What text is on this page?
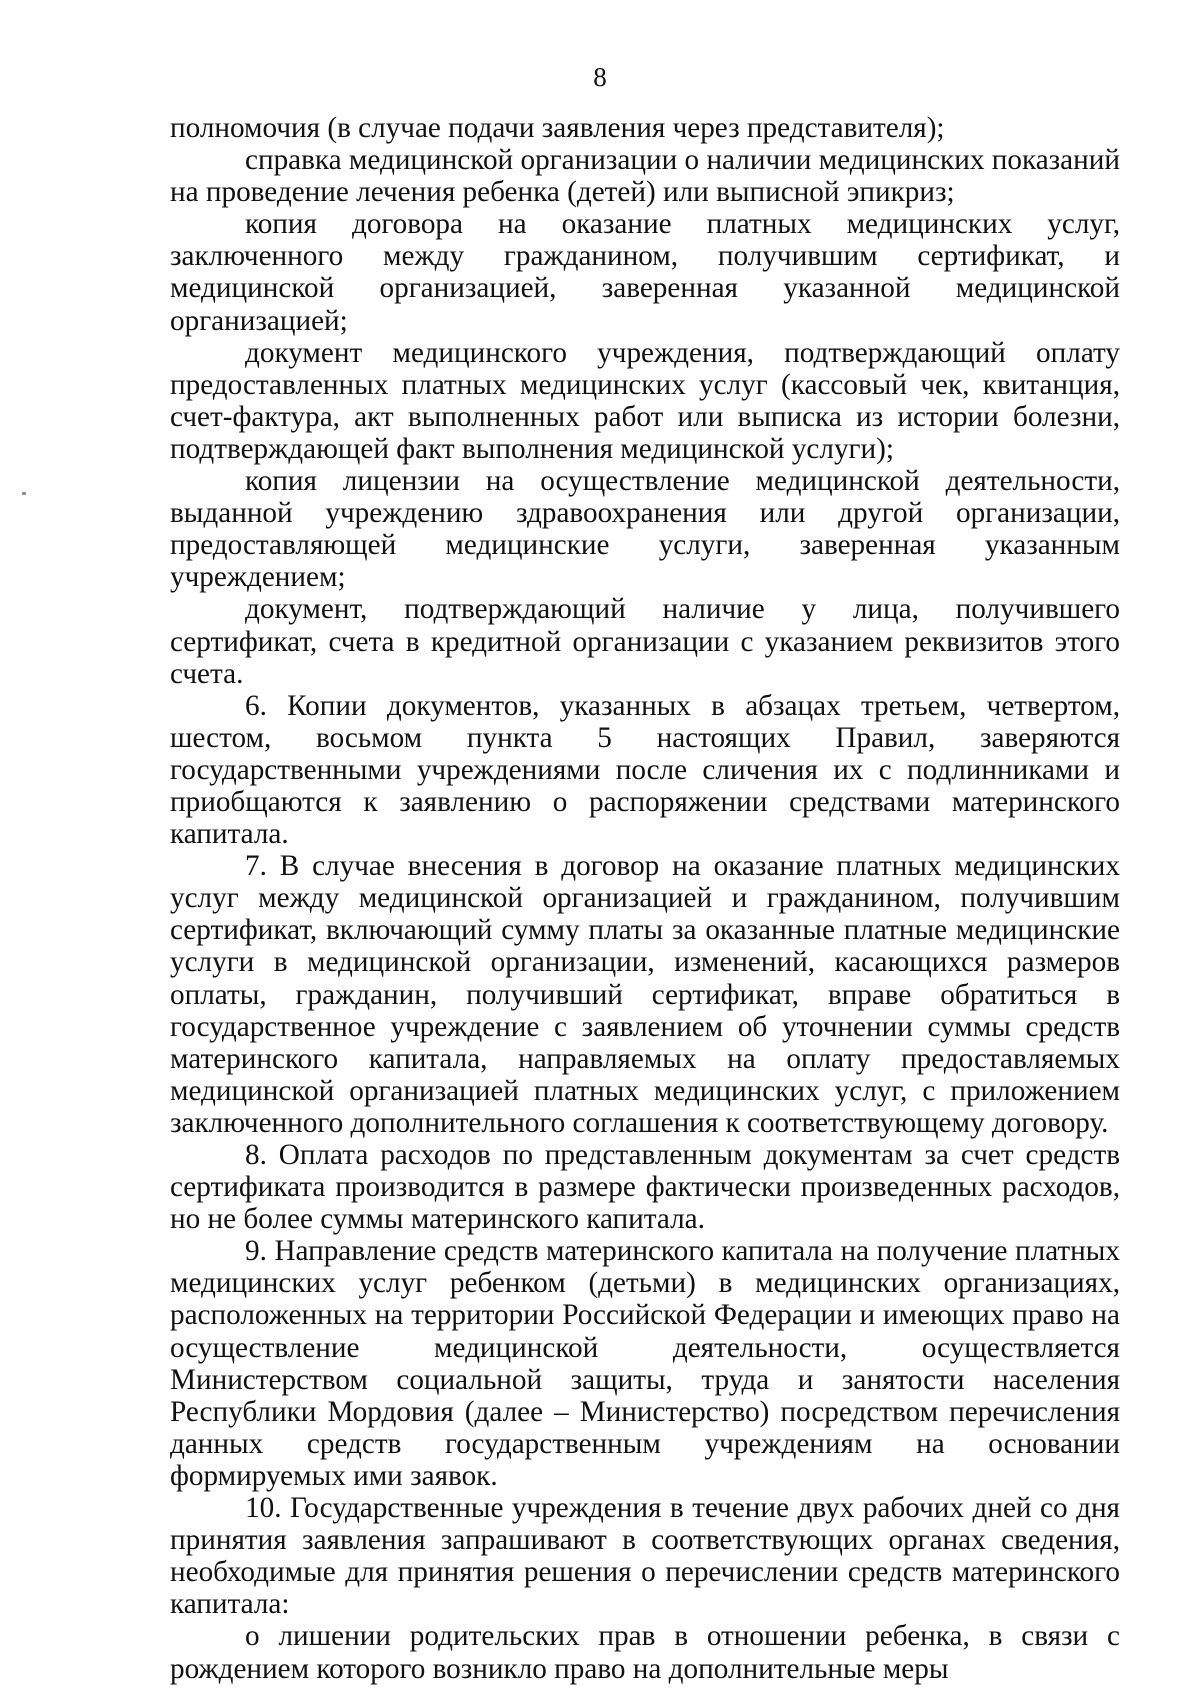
8

полномочия (в случае подачи заявления через представителя);

справка медицинской организации о наличии медицинских показаний на проведение лечения ребенка (детей) или выписной эпикриз;

копия договора на оказание платных медицинских услуг, заключенного между гражданином, получившим сертификат, и медицинской организацией, заверенная указанной медицинской организацией;

документ медицинского учреждения, подтверждающий оплату предоставленных платных медицинских услуг (кассовый чек, квитанция, счет-фактура, акт выполненных работ или выписка из истории болезни, подтверждающей факт выполнения медицинской услуги);

копия лицензии на осуществление медицинской деятельности, выданной учреждению здравоохранения или другой организации, предоставляющей медицинские услуги, заверенная указанным учреждением;

документ, подтверждающий наличие у лица, получившего сертификат, счета в кредитной организации с указанием реквизитов этого счета.

6. Копии документов, указанных в абзацах третьем, четвертом, шестом, восьмом пункта 5 настоящих Правил, заверяются государственными учреждениями после сличения их с подлинниками и приобщаются к заявлению о распоряжении средствами материнского капитала.

7. В случае внесения в договор на оказание платных медицинских услуг между медицинской организацией и гражданином, получившим сертификат, включающий сумму платы за оказанные платные медицинские услуги в медицинской организации, изменений, касающихся размеров оплаты, гражданин, получивший сертификат, вправе обратиться в государственное учреждение с заявлением об уточнении суммы средств материнского капитала, направляемых на оплату предоставляемых медицинской организацией платных медицинских услуг, с приложением заключенного дополнительного соглашения к соответствующему договору.

8. Оплата расходов по представленным документам за счет средств сертификата производится в размере фактически произведенных расходов, но не более суммы материнского капитала.

9. Направление средств материнского капитала на получение платных медицинских услуг ребенком (детьми) в медицинских организациях, расположенных на территории Российской Федерации и имеющих право на осуществление медицинской деятельности, осуществляется Министерством социальной защиты, труда и занятости населения Республики Мордовия (далее – Министерство) посредством перечисления данных средств государственным учреждениям на основании формируемых ими заявок.

10. Государственные учреждения в течение двух рабочих дней со дня принятия заявления запрашивают в соответствующих органах сведения, необходимые для принятия решения о перечислении средств материнского капитала:

о лишении родительских прав в отношении ребенка, в связи с рождением которого возникло право на дополнительные меры
